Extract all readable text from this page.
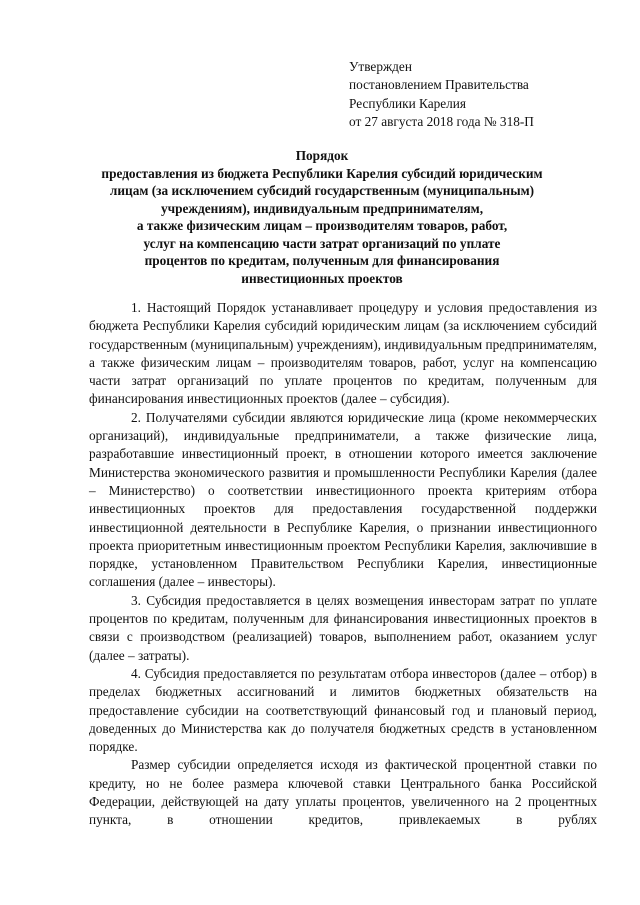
Утвержден
постановлением Правительства
Республики Карелия
от 27 августа 2018 года № 318-П
Порядок
предоставления из бюджета Республики Карелия субсидий юридическим
лицам (за исключением субсидий государственным (муниципальным)
учреждениям), индивидуальным предпринимателям,
а также физическим лицам – производителям товаров, работ,
услуг на компенсацию части затрат организаций по уплате
процентов по кредитам, полученным для финансирования
инвестиционных проектов

1. Настоящий Порядок устанавливает процедуру и условия предоставления из бюджета Республики Карелия субсидий юридическим лицам (за исключением субсидий государственным (муниципальным) учреждениям), индивидуальным предпринимателям, а также физическим лицам – производителям товаров, работ, услуг на компенсацию части затрат организаций по уплате процентов по кредитам, полученным для финансирования инвестиционных проектов (далее – субсидия).

2. Получателями субсидии являются юридические лица (кроме некоммерческих организаций), индивидуальные предприниматели, а также физические лица, разработавшие инвестиционный проект, в отношении которого имеется заключение Министерства экономического развития и промышленности Республики Карелия (далее – Министерство) о соответствии инвестиционного проекта критериям отбора инвестиционных проектов для предоставления государственной поддержки инвестиционной деятельности в Республике Карелия, о признании инвестиционного проекта приоритетным инвестиционным проектом Республики Карелия, заключившие в порядке, установленном Правительством Республики Карелия, инвестиционные соглашения (далее – инвесторы).

3. Субсидия предоставляется в целях возмещения инвесторам затрат по уплате процентов по кредитам, полученным для финансирования инвестиционных проектов в связи с производством (реализацией) товаров, выполнением работ, оказанием услуг (далее – затраты).

4. Субсидия предоставляется по результатам отбора инвесторов (далее – отбор) в пределах бюджетных ассигнований и лимитов бюджетных обязательств на предоставление субсидии на соответствующий финансовый год и плановый период, доведенных до Министерства как до получателя бюджетных средств в установленном порядке.

Размер субсидии определяется исходя из фактической процентной ставки по кредиту, но не более размера ключевой ставки Центрального банка Российской Федерации, действующей на дату уплаты процентов, увеличенного на 2 процентных пункта, в отношении кредитов, привлекаемых в рублях
